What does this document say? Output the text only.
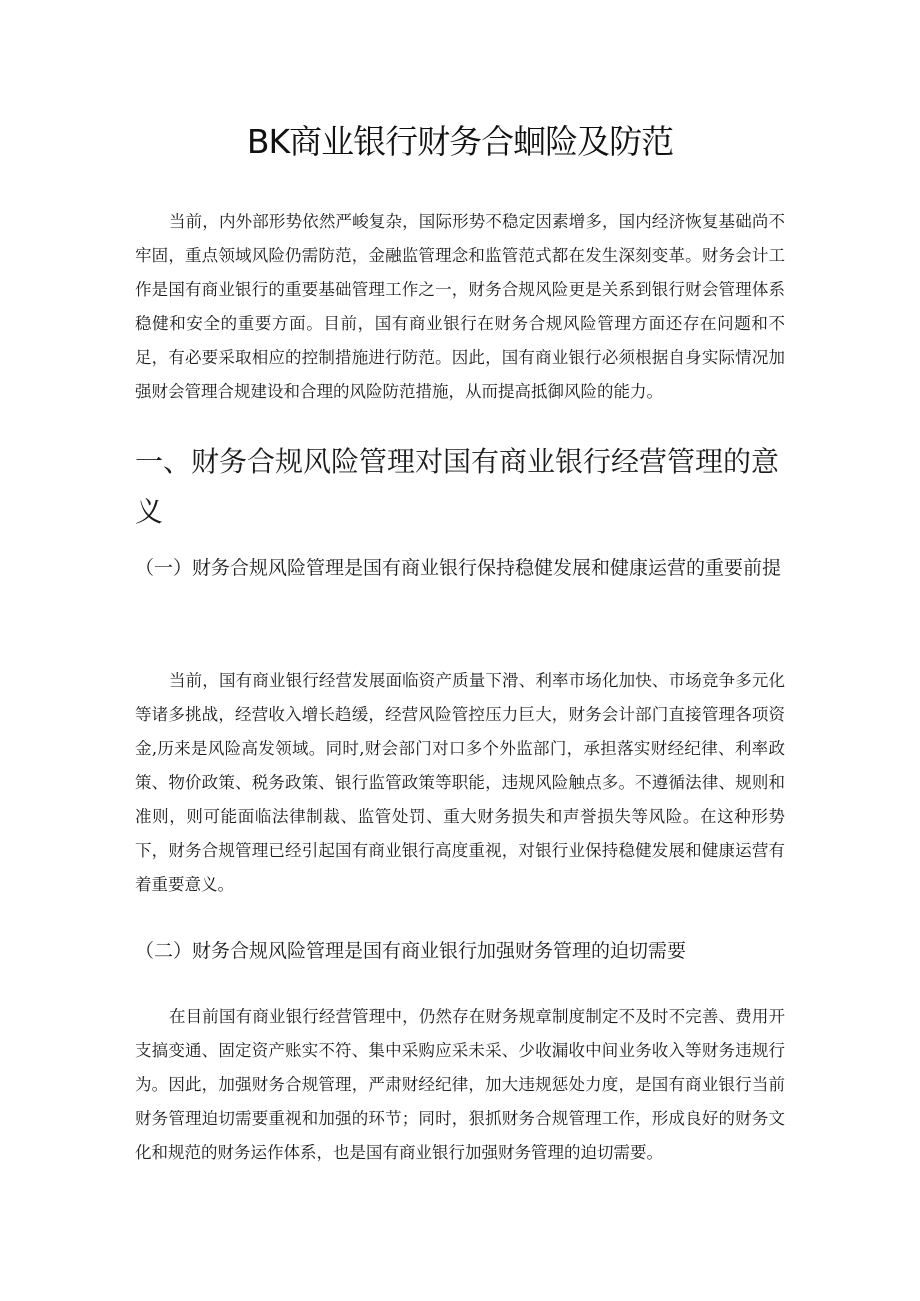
BK商业银行财务合蛔险及防范

当前，内外部形势依然严峻复杂，国际形势不稳定因素增多，国内经济恢复基础尚不牢固，重点领域风险仍需防范，金融监管理念和监管范式都在发生深刻变革。财务会计工作是国有商业银行的重要基础管理工作之一，财务合规风险更是关系到银行财会管理体系稳健和安全的重要方面。目前，国有商业银行在财务合规风险管理方面还存在问题和不足，有必要采取相应的控制措施进行防范。因此，国有商业银行必须根据自身实际情况加强财会管理合规建设和合理的风险防范措施，从而提高抵御风险的能力。

一、财务合规风险管理对国有商业银行经营管理的意义
（一）财务合规风险管理是国有商业银行保持稳健发展和健康运营的重要前提

当前，国有商业银行经营发展面临资产质量下滑、利率市场化加快、市场竞争多元化等诸多挑战，经营收入增长趋缓，经营风险管控压力巨大，财务会计部门直接管理各项资金,历来是风险高发领域。同时,财会部门对口多个外监部门，承担落实财经纪律、利率政策、物价政策、税务政策、银行监管政策等职能，违规风险触点多。不遵循法律、规则和准则，则可能面临法律制裁、监管处罚、重大财务损失和声誉损失等风险。在这种形势下，财务合规管理已经引起国有商业银行高度重视，对银行业保持稳健发展和健康运营有着重要意义。

（二）财务合规风险管理是国有商业银行加强财务管理的迫切需要

在目前国有商业银行经营管理中，仍然存在财务规章制度制定不及时不完善、费用开支搞变通、固定资产账实不符、集中采购应采未采、少收漏收中间业务收入等财务违规行为。因此，加强财务合规管理，严肃财经纪律，加大违规惩处力度，是国有商业银行当前财务管理迫切需要重视和加强的环节；同时，狠抓财务合规管理工作，形成良好的财务文化和规范的财务运作体系，也是国有商业银行加强财务管理的迫切需要。
